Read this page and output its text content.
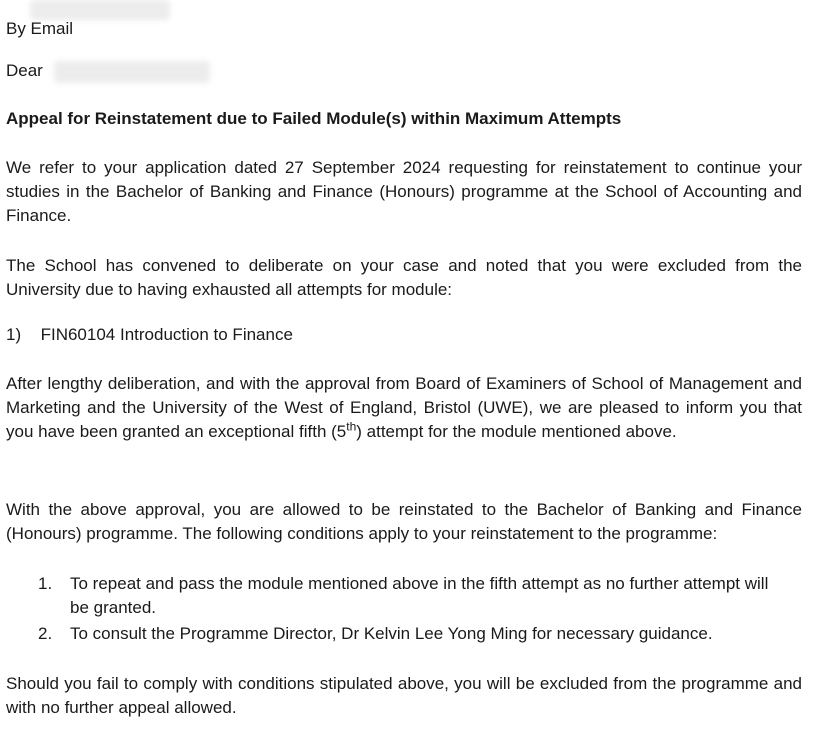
By Email
Dear
Appeal for Reinstatement due to Failed Module(s) within Maximum Attempts

We refer to your application dated 27 September 2024 requesting for reinstatement to continue your studies in the Bachelor of Banking and Finance (Honours) programme at the School of Accounting and Finance.

The School has convened to deliberate on your case and noted that you were excluded from the University due to having exhausted all attempts for module:

1) FIN60104 Introduction to Finance

After lengthy deliberation, and with the approval from Board of Examiners of School of Management and Marketing and the University of the West of England, Bristol (UWE), we are pleased to inform you that you have been granted an exceptional fifth (5th) attempt for the module mentioned above.

With the above approval, you are allowed to be reinstated to the Bachelor of Banking and Finance (Honours) programme. The following conditions apply to your reinstatement to the programme:

1. To repeat and pass the module mentioned above in the fifth attempt as no further attempt will be granted.
2. To consult the Programme Director, Dr Kelvin Lee Yong Ming for necessary guidance.

Should you fail to comply with conditions stipulated above, you will be excluded from the programme and with no further appeal allowed.
